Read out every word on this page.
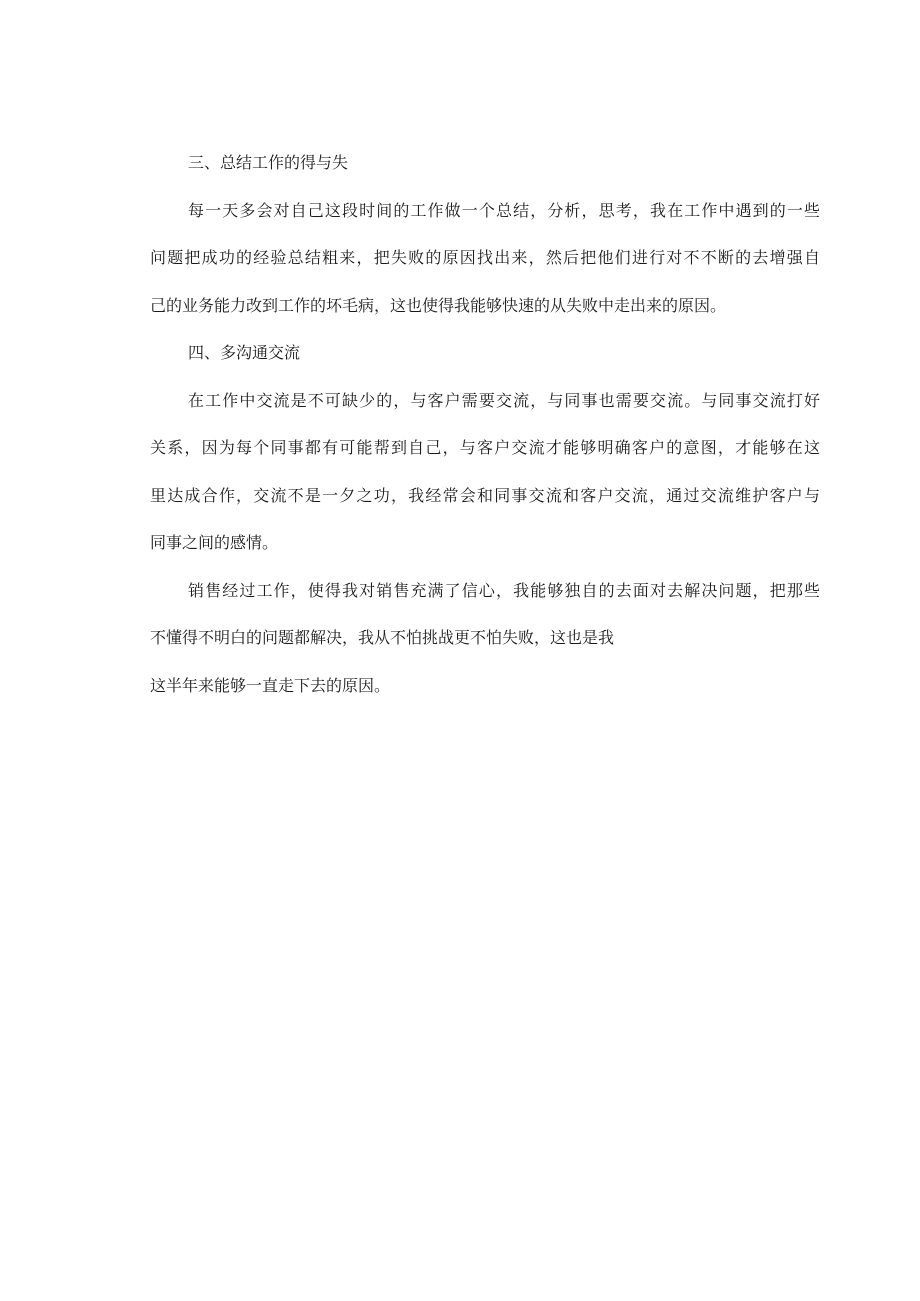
三、总结工作的得与失
每一天多会对自己这段时间的工作做一个总结，分析，思考，我在工作中遇到的一些
问题把成功的经验总结粗来，把失败的原因找出来，然后把他们进行对不不断的去增强自
己的业务能力改到工作的坏毛病，这也使得我能够快速的从失败中走出来的原因。
四、多沟通交流
在工作中交流是不可缺少的，与客户需要交流，与同事也需要交流。与同事交流打好
关系，因为每个同事都有可能帮到自己，与客户交流才能够明确客户的意图，才能够在这
里达成合作，交流不是一夕之功，我经常会和同事交流和客户交流，通过交流维护客户与
同事之间的感情。
销售经过工作，使得我对销售充满了信心，我能够独自的去面对去解决问题，把那些
不懂得不明白的问题都解决，我从不怕挑战更不怕失败，这也是我
这半年来能够一直走下去的原因。
